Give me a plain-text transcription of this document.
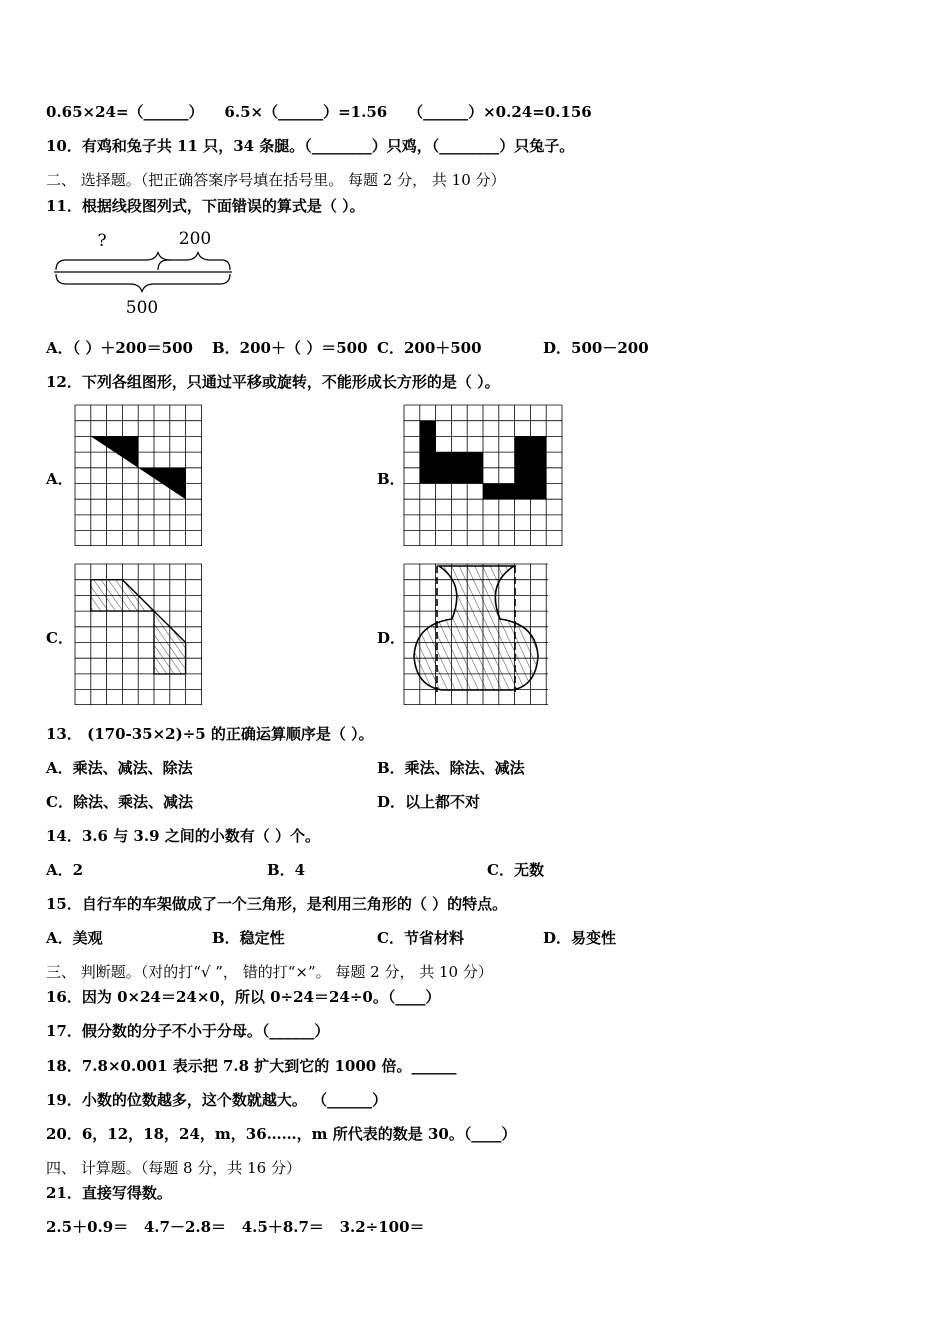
0.65×24=（______）    6.5×（______）=1.56    （______）×0.24=0.156
10．有鸡和兔子共 11 只，34 条腿。（________）只鸡，（________）只兔子。
二、 选择题。（把正确答案序号填在括号里。 每题 2 分， 共 10 分）
11．根据线段图列式，下面错误的算式是（ ）。
?	200
500
A．（ ）＋200＝500 B．200＋（ ）＝500 C．200＋500	D．500－200
12．下列各组图形，只通过平移或旋转，不能形成长方形的是（ ）。
A．	B．
C．	D．
13． (170-35×2)÷5 的正确运算顺序是（ ）。
A．乘法、减法、除法	B．乘法、除法、减法
C．除法、乘法、减法	D．以上都不对
14．3.6 与 3.9 之间的小数有（ ）个。
A．2	B．4	C．无数
15．自行车的车架做成了一个三角形，是利用三角形的（ ）的特点。
A．美观	B．稳定性	C．节省材料	D．易变性
三、 判断题。（对的打“√ ”， 错的打“×”。 每题 2 分， 共 10 分）
16．因为 0×24＝24×0，所以 0÷24＝24÷0。（____）
17．假分数的分子不小于分母。（______）
18．7.8×0.001 表示把 7.8 扩大到它的 1000 倍。______
19．小数的位数越多，这个数就越大。 （______）
20．6，12，18，24，m，36……，m 所代表的数是 30。（____）
四、 计算题。（每题 8 分，共 16 分）
21．直接写得数。
2.5＋0.9＝   4.7－2.8＝   4.5＋8.7＝   3.2÷100＝
